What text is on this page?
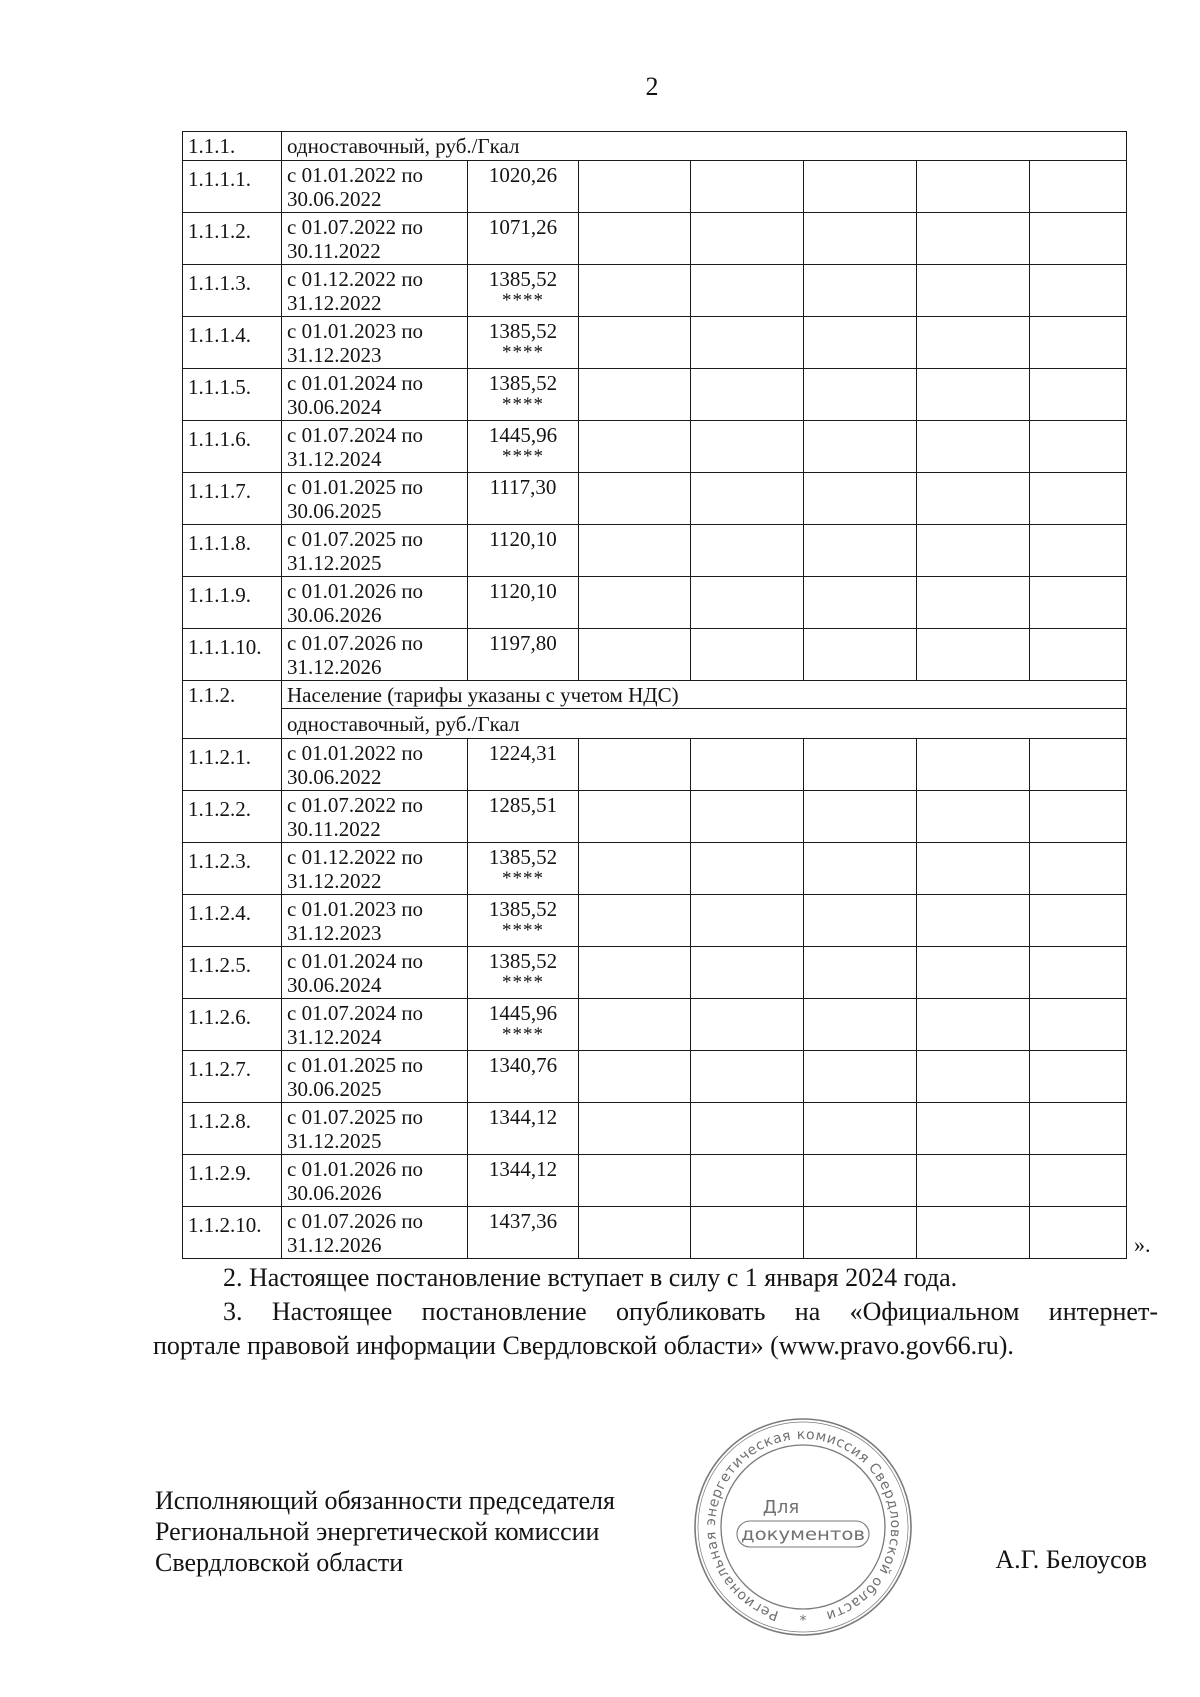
2
1.1.1.	одноставочный, руб./Гкал						
1.1.1.1.	с 01.01.2022 по 30.06.2022	1020,26					

1.1.1.2.	с 01.07.2022 по 30.11.2022	1071,26					

1.1.1.3.	с 01.12.2022 по 31.12.2022	1385,52
****					

1.1.1.4.	с 01.01.2023 по 31.12.2023	1385,52
****					

1.1.1.5.	с 01.01.2024 по 30.06.2024	1385,52
****					

1.1.1.6.	с 01.07.2024 по 31.12.2024	1445,96
****					

1.1.1.7.	с 01.01.2025 по 30.06.2025	1117,30					

1.1.1.8.	с 01.07.2025 по 31.12.2025	1120,10					

1.1.1.9.	с 01.01.2026 по 30.06.2026	1120,10					

1.1.1.10.	с 01.07.2026 по 31.12.2026	1197,80					

1.1.2.	Население (тарифы указаны с учетом НДС)						
	одноставочный, руб./Гкал						
1.1.2.1.	с 01.01.2022 по 30.06.2022	1224,31					

1.1.2.2.	с 01.07.2022 по 30.11.2022	1285,51					

1.1.2.3.	с 01.12.2022 по 31.12.2022	1385,52
****					

1.1.2.4.	с 01.01.2023 по 31.12.2023	1385,52
****					

1.1.2.5.	с 01.01.2024 по 30.06.2024	1385,52
****					

1.1.2.6.	с 01.07.2024 по 31.12.2024	1445,96
****					

1.1.2.7.	с 01.01.2025 по 30.06.2025	1340,76					

1.1.2.8.	с 01.07.2025 по 31.12.2025	1344,12					

1.1.2.9.	с 01.01.2026 по 30.06.2026	1344,12					

1.1.2.10.	с 01.07.2026 по 31.12.2026	1437,36					

».
2. Настоящее постановление вступает в силу с 1 января 2024 года.
3. Настоящее постановление опубликовать на «Официальном интернет-
портале правовой информации Свердловской области» (www.pravo.gov66.ru).
Исполняющий обязанности председателя
Региональной энергетической комиссии
Свердловской области
Региональная энергетическая комиссия Свердловской области
*
Для
документов
А.Г. Белоусов
